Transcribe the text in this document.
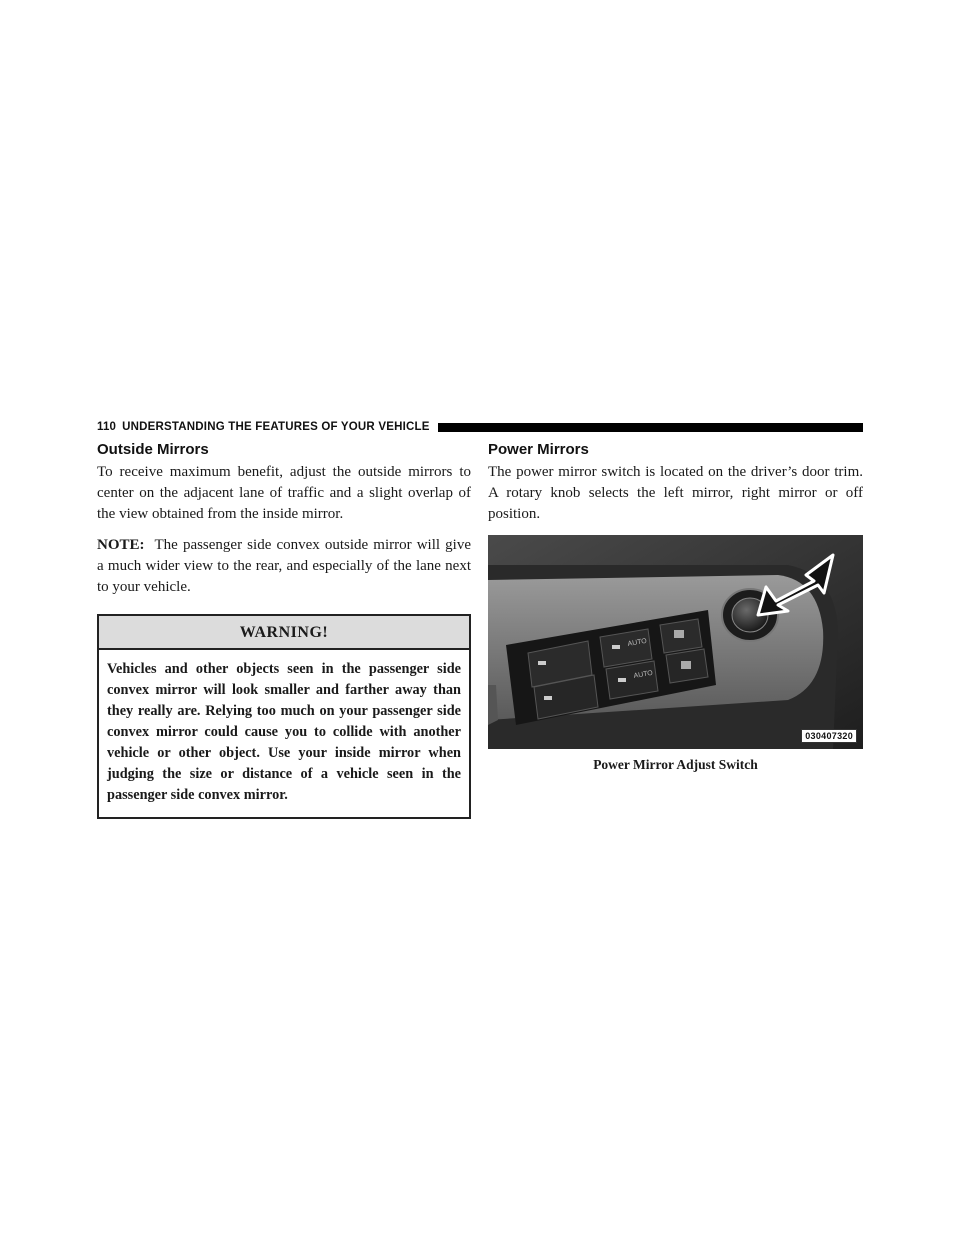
110 UNDERSTANDING THE FEATURES OF YOUR VEHICLE
Outside Mirrors

To receive maximum benefit, adjust the outside mirrors to center on the adjacent lane of traffic and a slight overlap of the view obtained from the inside mirror.

NOTE: The passenger side convex outside mirror will give a much wider view to the rear, and especially of the lane next to your vehicle.

WARNING!
Vehicles and other objects seen in the passenger side convex mirror will look smaller and farther away than they really are. Relying too much on your passenger side convex mirror could cause you to collide with another vehicle or other object. Use your inside mirror when judging the size or distance of a vehicle seen in the passenger side convex mirror.
Power Mirrors

The power mirror switch is located on the driver’s door trim. A rotary knob selects the left mirror, right mirror or off position.

AUTO
AUTO
030407320
Power Mirror Adjust Switch
